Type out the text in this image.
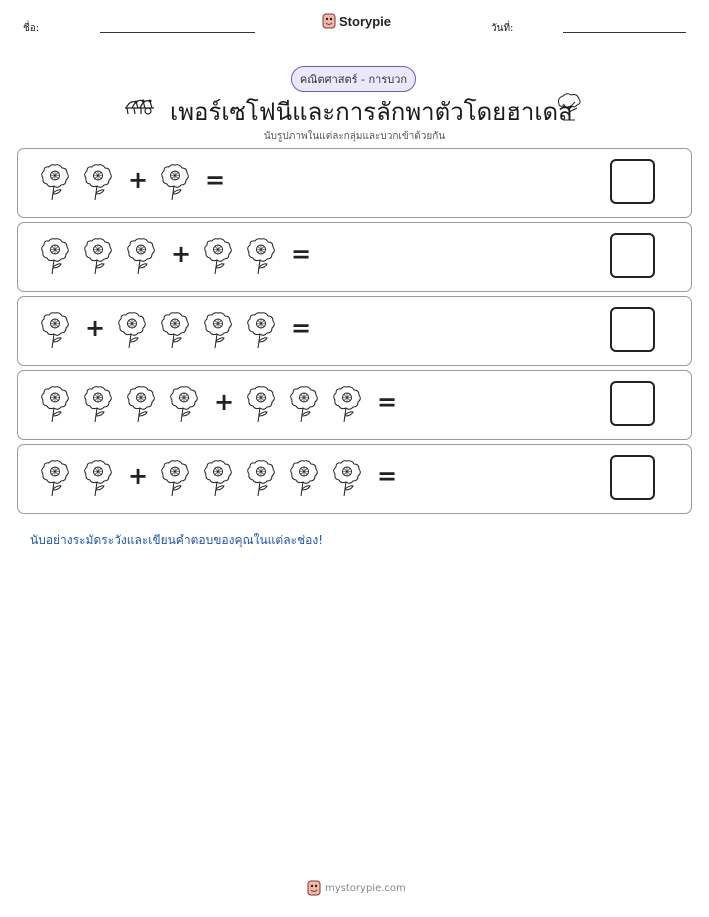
ชื่อ:	Storypie	วันที่:
คณิตศาสตร์ - การบวก
เพอร์เซโฟนีและการลักพาตัวโดยฮาเดส
นับรูปภาพในแต่ละกลุ่มและบวกเข้าด้วยกัน
+ =
+	=
+	=
+	=
+	=
นับอย่างระมัดระวังและเขียนคำตอบของคุณในแต่ละช่อง!
mystorypie.com
